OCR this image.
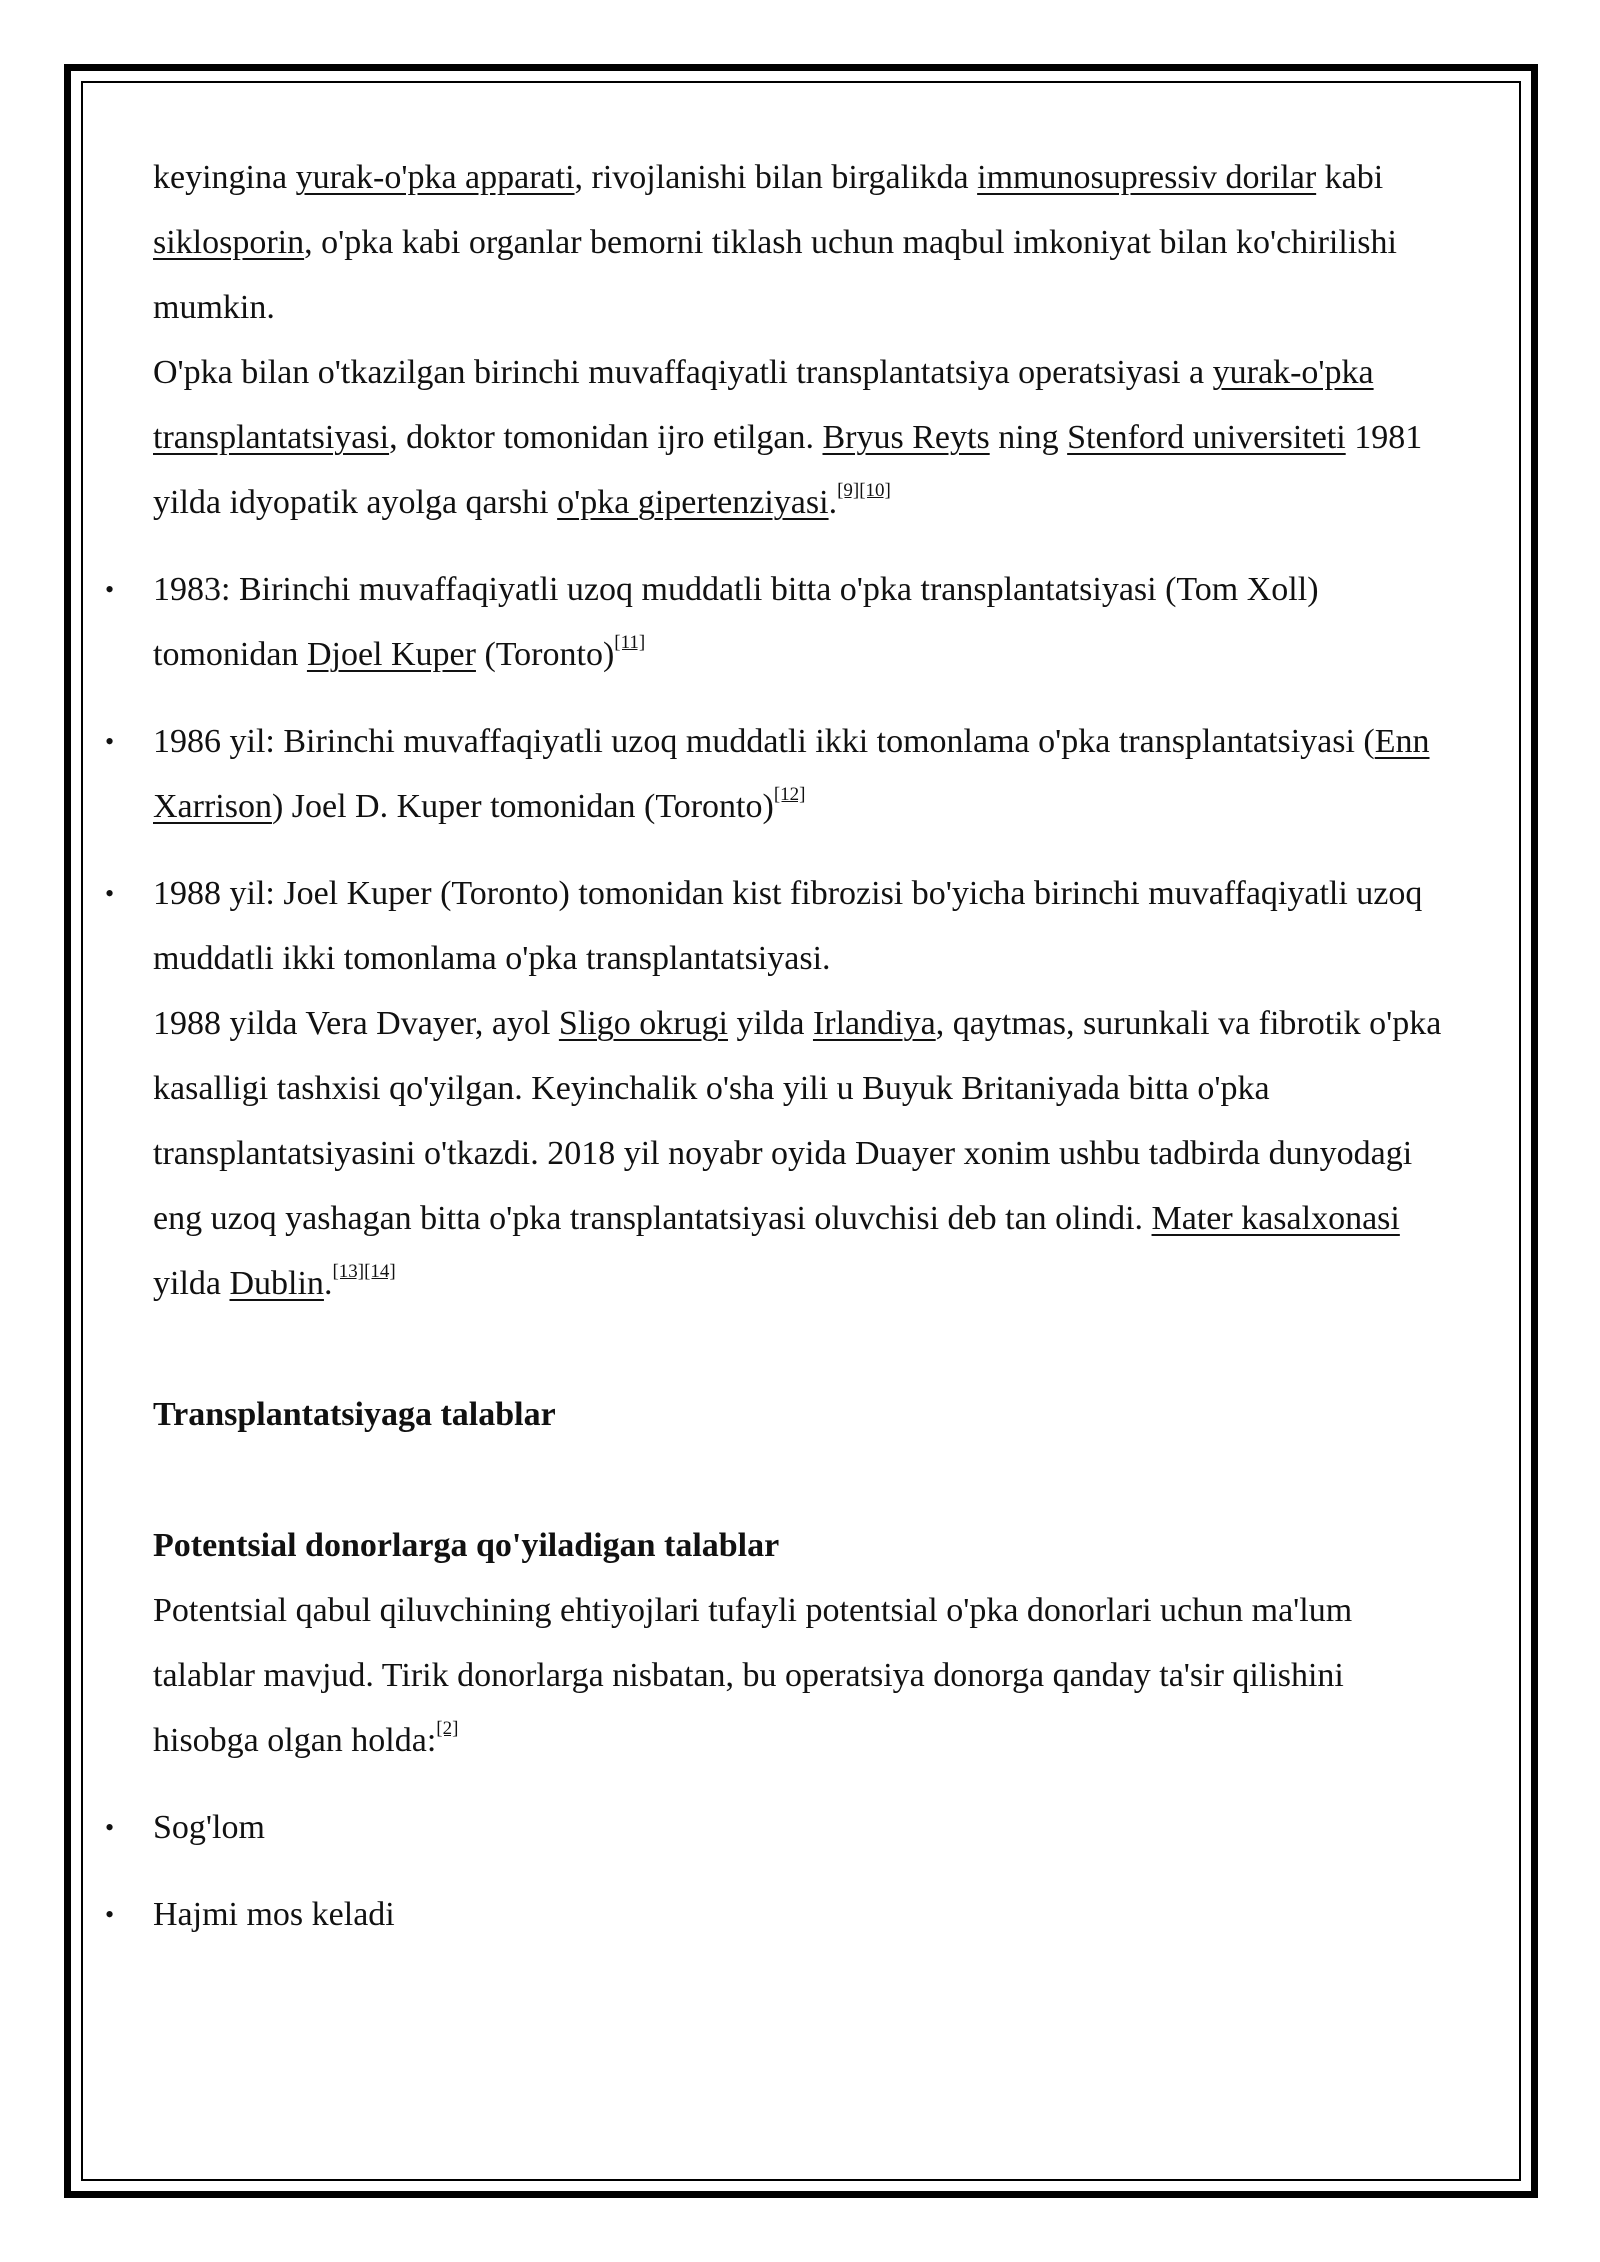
keyingina yurak-o'pka apparati, rivojlanishi bilan birgalikda immunosupressiv dorilar kabi siklosporin, o'pka kabi organlar bemorni tiklash uchun maqbul imkoniyat bilan ko'chirilishi mumkin.

O'pka bilan o'tkazilgan birinchi muvaffaqiyatli transplantatsiya operatsiyasi a yurak-o'pka transplantatsiyasi, doktor tomonidan ijro etilgan. Bryus Reyts ning Stenford universiteti 1981 yilda idyopatik ayolga qarshi o'pka gipertenziyasi.[9][10]

• 1983: Birinchi muvaffaqiyatli uzoq muddatli bitta o'pka transplantatsiyasi (Tom Xoll) tomonidan Djoel Kuper (Toronto)[11]

• 1986 yil: Birinchi muvaffaqiyatli uzoq muddatli ikki tomonlama o'pka transplantatsiyasi (Enn Xarrison) Joel D. Kuper tomonidan (Toronto)[12]

• 1988 yil: Joel Kuper (Toronto) tomonidan kist fibrozisi bo'yicha birinchi muvaffaqiyatli uzoq muddatli ikki tomonlama o'pka transplantatsiyasi.

1988 yilda Vera Dvayer, ayol Sligo okrugi yilda Irlandiya, qaytmas, surunkali va fibrotik o'pka kasalligi tashxisi qo'yilgan. Keyinchalik o'sha yili u Buyuk Britaniyada bitta o'pka transplantatsiyasini o'tkazdi. 2018 yil noyabr oyida Duayer xonim ushbu tadbirda dunyodagi eng uzoq yashagan bitta o'pka transplantatsiyasi oluvchisi deb tan olindi. Mater kasalxonasi yilda Dublin.[13][14]

Transplantatsiyaga talablar

Potentsial donorlarga qo'yiladigan talablar

Potentsial qabul qiluvchining ehtiyojlari tufayli potentsial o'pka donorlari uchun ma'lum talablar mavjud. Tirik donorlarga nisbatan, bu operatsiya donorga qanday ta'sir qilishini hisobga olgan holda:[2]

• Sog'lom

• Hajmi mos keladi
